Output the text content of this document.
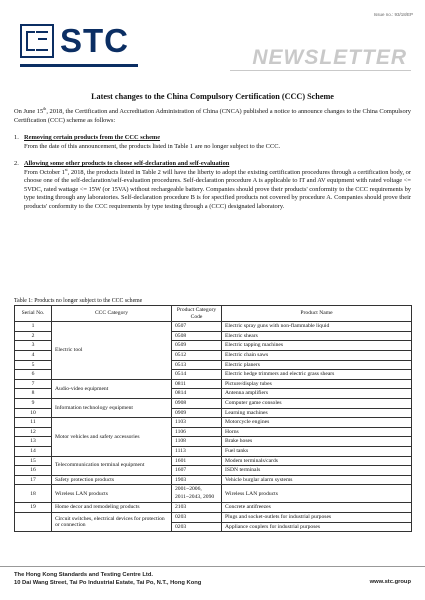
Issue no.: 93/18/EP
STC	NEWSLETTER
Latest changes to the China Compulsory Certification (CCC) Scheme
On June 15th, 2018, the Certification and Accreditation Administration of China (CNCA) published a notice to announce changes to the China Compulsory Certification (CCC) scheme as follows:
1. Removing certain products from the CCC scheme
From the date of this announcement, the products listed in Table 1 are no longer subject to the CCC.
2. Allowing some other products to choose self-declaration and self-evaluation
From October 1st, 2018, the products listed in Table 2 will have the liberty to adopt the existing certification procedures through a certification body, or choose one of the self-declaration/self-evaluation procedures. Self-declaration procedure A is applicable to IT and AV equipment with rated voltage <= 5VDC, rated wattage <= 15W (or 15VA) without rechargeable battery. Companies should prove their products' conformity to the CCC requirements by type testing through any laboratories. Self-declaration procedure B is for specified products not covered by procedure A. Companies should prove their products' conformity to the CCC requirements by type testing through a (CCC) designated laboratory.
Table 1: Products no longer subject to the CCC scheme
Serial No.	CCC Category	Product Category Code	Product Name
1	Electric tool	0507	Electric spray guns with non-flammable liquid
2		0508	Electric shears
3		0509	Electric tapping machines
4		0512	Electric chain saws
5		0513	Electric planers
6		0514	Electric hedge trimmers and electric grass shears
7	Audio-video equipment	0811	Picture/display tubes
8		0814	Antenna amplifiers
9	Information technology equipment	0908	Computer game consoles
10		0909	Learning machines
11	Motor vehicles and safety accessories	1103	Motorcycle engines
12		1106	Horns
13		1108	Brake hoses
14		1113	Fuel tanks
15	Telecommunication terminal equipment	1601	Modem terminals/cards
16		1607	ISDN terminals
17	Safety protection products	1903	Vehicle burglar alarm systems
18	Wireless LAN products	2001~2006, 2011~2043, 2090	Wireless LAN products
19	Home decor and remodeling products	2103	Concrete antifreezes
	Circuit switches, electrical devices for protection or connection	0203	Plugs and socket-outlets for industrial purposes
		0203	Appliance couplers for industrial purposes
The Hong Kong Standards and Testing Centre Ltd.
10 Dai Wang Street, Tai Po Industrial Estate, Tai Po, N.T., Hong Kong	www.stc.group
